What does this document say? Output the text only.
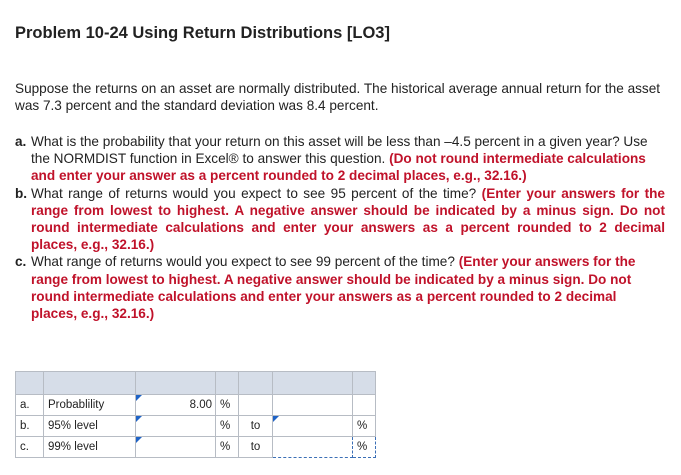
Problem 10-24 Using Return Distributions [LO3]
Suppose the returns on an asset are normally distributed. The historical average annual return for the asset was 7.3 percent and the standard deviation was 8.4 percent.
a. What is the probability that your return on this asset will be less than –4.5 percent in a given year? Use the NORMDIST function in Excel® to answer this question. (Do not round intermediate calculations and enter your answer as a percent rounded to 2 decimal places, e.g., 32.16.)
b. What range of returns would you expect to see 95 percent of the time? (Enter your answers for the range from lowest to highest. A negative answer should be indicated by a minus sign. Do not round intermediate calculations and enter your answers as a percent rounded to 2 decimal places, e.g., 32.16.)
c. What range of returns would you expect to see 99 percent of the time? (Enter your answers for the range from lowest to highest. A negative answer should be indicated by a minus sign. Do not round intermediate calculations and enter your answers as a percent rounded to 2 decimal places, e.g., 32.16.)

a.	Probablility	8.00	%			
b.	95% level		%	to		%
c.	99% level		%	to		%
